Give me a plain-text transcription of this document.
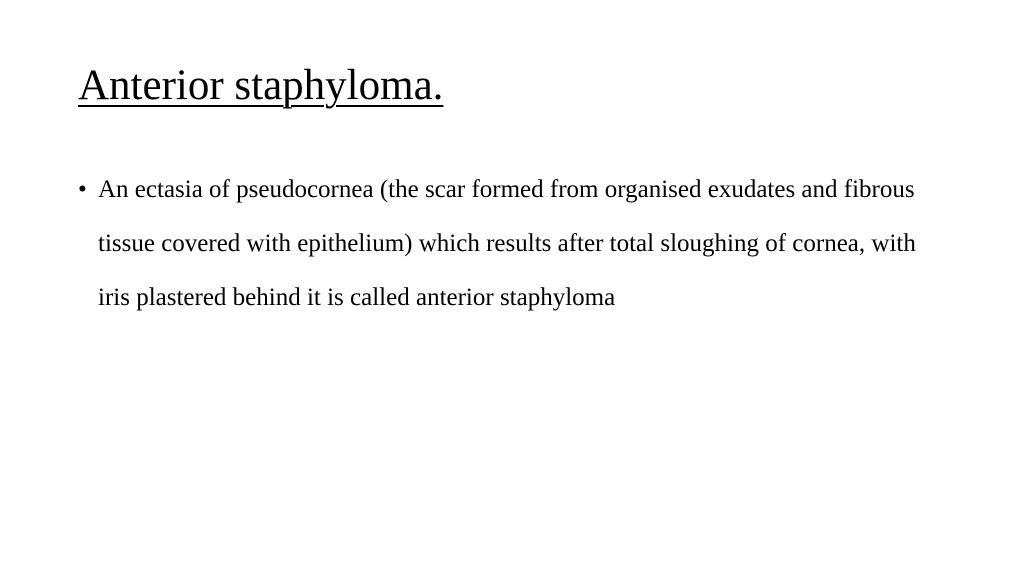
Anterior staphyloma.
• An ectasia of pseudocornea (the scar formed from organised exudates and fibrous tissue covered with epithelium) which results after total sloughing of cornea, with iris plastered behind it is called anterior staphyloma
